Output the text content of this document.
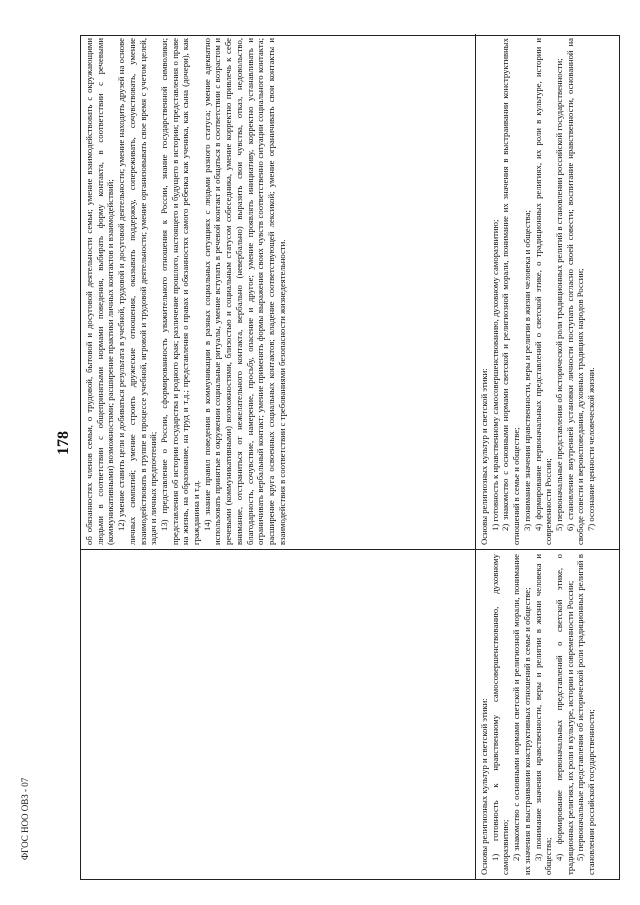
178 об обязанностях членов семьи, о трудовой, бытовой и досуговой деятельности семьи; умение взаимодействовать с окружающими людьми в соответствии с общепринятыми нормами поведения, выбирать форму контакта, в соответствии с речевыми (коммуникативными) возможностями; расширение практики личных контактов и взаимодействий; 12) умение ставить цели и добиваться результата в учебной, трудовой и досуговой деятельности; умение находить друзей на основе личных симпатий; умение строить дружеские отношения, оказывать поддержку, сопереживать, сочувствовать, умение взаимодействовать в группе в процессе учебной, игровой и трудовой деятельности; умение организовывать свое время с учетом целей, задач и личных предпочтений; 13) представление о России, сформированность уважительного отношения к России, знание государственной символики; представления об истории государства и родного края; различение прошлого, настоящего и будущего в истории; представления о праве на жизнь, на образование, на труд и т.д.; представления о правах и обязанностях самого ребенка как ученика, как сына (дочери), как гражданина и т.д. 14) знание правил поведения в коммуникации в разных социальных ситуациях с людьми разного статуса; умение адекватно использовать принятые в окружении социальные ритуалы, умение вступать в речевой контакт и общаться в соответствии с возрастом и речевыми (коммуникативными) возможностями, близостью и социальным статусом собеседника, умение корректно привлечь к себе внимание, отстраниться от нежелательного контакта, вербально (невербально) выразить свои чувства, отказ, недовольство, благодарность, сочувствие, намерение, просьбу, опасение и другое; умение проявлять инициативу, корректно устанавливать и ограничивать вербальный контакт; умение применять формы выражения своих чувств соответственно ситуации социального контакта; расширение круга освоенных социальных контактов; владение соответствующей лексикой; умение ограничивать свои контакты и взаимодействия в соответствии с требованиями безопасности жизнедеятельности.

Основы религиозных культур и светской этики: 1) готовность к нравственному самосовершенствованию, духовному саморазвитию; 2) знакомство с основными нормами светской и религиозной морали, понимание их значения в выстраивании конструктивных отношений в семье и обществе; 3) понимание значения нравственности, веры и религии в жизни человека и общества; 4) формирование первоначальных представлений о светской этике, о традиционных религиях, их роли в культуре, истории и современности России; 5) первоначальные представления об исторической роли традиционных религий в становлении российской государственности;

Основы религиозных культур и светской этики: 1) готовность к нравственному самосовершенствованию, духовному саморазвитию; 2) знакомство с основными нормами светской и религиозной морали, понимание их значения в выстраивании конструктивных отношений в семье и обществе; 3) понимание значения нравственности, веры и религии в жизни человека и общества; 4) формирование первоначальных представлений о светской этике, о традиционных религиях, их роли в культуре, истории и современности России; 5) первоначальные представления об исторической роли традиционных религий в становлении российской государственности; 6) становление внутренней установки личности поступать согласно своей совести; воспитание нравственности, основанной на свободе совести и вероисповедания, духовных традициях народов России; 7) осознание ценности человеческой жизни.

ФГОС НОО ОВЗ - 07
